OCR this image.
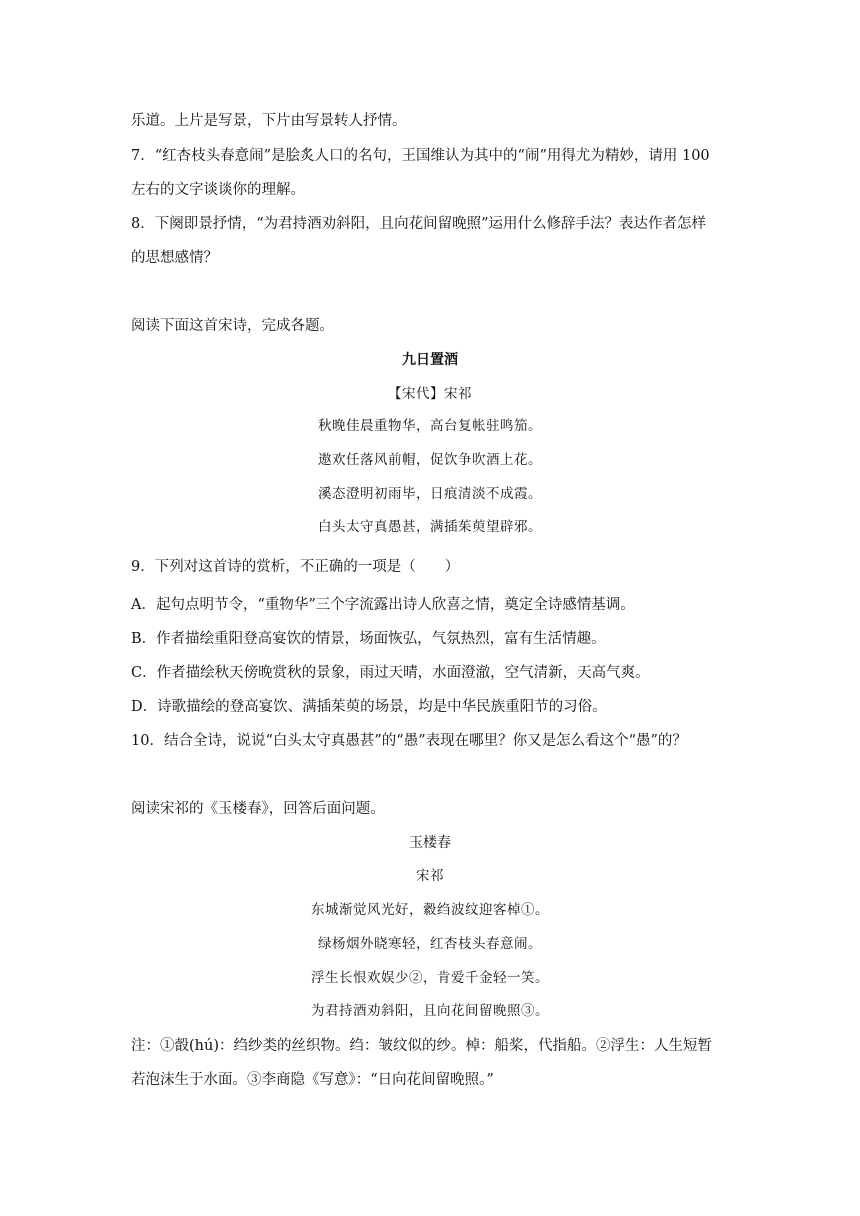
乐道。上片是写景，下片由写景转人抒情。
7．“红杏枝头春意闹”是脍炙人口的名句，王国维认为其中的“闹”用得尤为精妙，请用 100
左右的文字谈谈你的理解。
8．下阕即景抒情，“为君持酒劝斜阳，且向花间留晚照”运用什么修辞手法？表达作者怎样
的思想感情？
阅读下面这首宋诗，完成各题。
九日置酒
【宋代】宋祁
秋晚佳晨重物华，高台复帐驻鸣笳。
遨欢任落风前帽，促饮争吹酒上花。
溪态澄明初雨毕，日痕清淡不成霞。
白头太守真愚甚，满插茱萸望辟邪。
9．下列对这首诗的赏析，不正确的一项是（　　）
A．起句点明节令，“重物华”三个字流露出诗人欣喜之情，奠定全诗感情基调。
B．作者描绘重阳登高宴饮的情景，场面恢弘，气氛热烈，富有生活情趣。
C．作者描绘秋天傍晚赏秋的景象，雨过天晴，水面澄澈，空气清新，天高气爽。
D．诗歌描绘的登高宴饮、满插茱萸的场景，均是中华民族重阳节的习俗。
10．结合全诗，说说“白头太守真愚甚”的“愚”表现在哪里？你又是怎么看这个“愚”的？
阅读宋祁的《玉楼春》，回答后面问题。
玉楼春
宋祁
东城渐觉风光好，縠绉波纹迎客棹①。
绿杨烟外晓寒轻，红杏枝头春意闹。
浮生长恨欢娱少②，肯爱千金轻一笑。
为君持酒劝斜阳，且向花间留晚照③。
注：①瞉(hú)：绉纱类的丝织物。绉：皱纹似的纱。棹：船桨，代指船。②浮生：人生短暂
若泡沫生于水面。③李商隐《写意》：“日向花间留晚照。”
